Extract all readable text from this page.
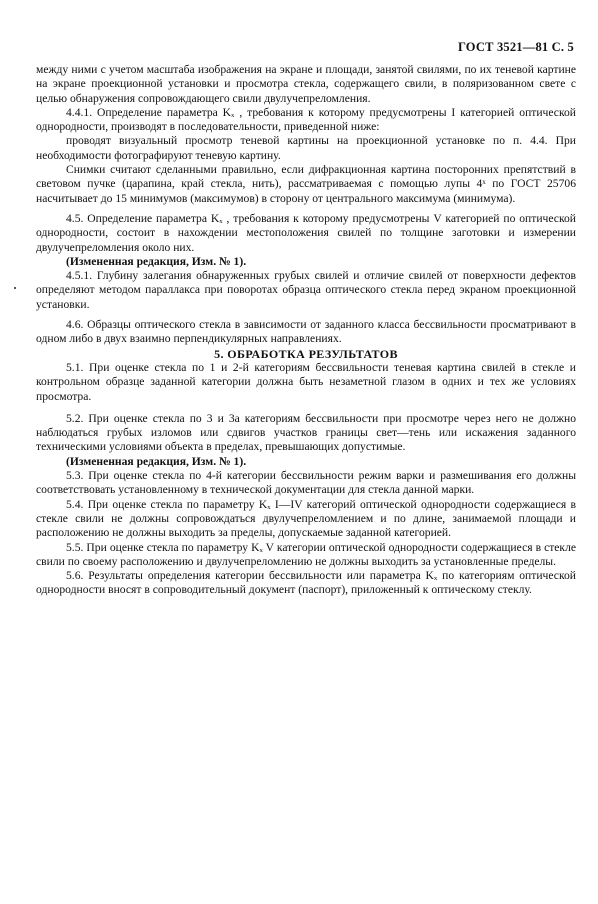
ГОСТ 3521—81 С. 5

между ними с учетом масштаба изображения на экране и площади, занятой свилями, по их теневой картине на экране проекционной установки и просмотра стекла, содержащего свили, в поляризованном свете с целью обнаружения сопровождающего свили двулучепреломления.

4.4.1. Определение параметра Kₓ , требования к которому предусмотрены I категорией оптической однородности, производят в последовательности, приведенной ниже:

проводят визуальный просмотр теневой картины на проекционной установке по п. 4.4. При необходимости фотографируют теневую картину.

Снимки считают сделанными правильно, если дифракционная картина посторонних препятствий в световом пучке (царапина, край стекла, нить), рассматриваемая с помощью лупы 4ˣ по ГОСТ 25706 насчитывает до 15 минимумов (максимумов) в сторону от центрального максимума (минимума).

4.5. Определение параметра Kₓ , требования к которому предусмотрены V категорией по оптической однородности, состоит в нахождении местоположения свилей по толщине заготовки и измерении двулучепреломления около них.

(Измененная редакция, Изм. № 1).

4.5.1. Глубину залегания обнаруженных грубых свилей и отличие свилей от поверхности дефектов определяют методом параллакса при поворотах образца оптического стекла перед экраном проекционной установки.

4.6. Образцы оптического стекла в зависимости от заданного класса бессвильности просматривают в одном либо в двух взаимно перпендикулярных направлениях.

5. ОБРАБОТКА РЕЗУЛЬТАТОВ

5.1. При оценке стекла по 1 и 2-й категориям бессвильности теневая картина свилей в стекле и контрольном образце заданной категории должна быть незаметной глазом в одних и тех же условиях просмотра.

5.2. При оценке стекла по 3 и 3а категориям бессвильности при просмотре через него не должно наблюдаться грубых изломов или сдвигов участков границы свет—тень или искажения заданного техническими условиями объекта в пределах, превышающих допустимые.

(Измененная редакция, Изм. № 1).

5.3. При оценке стекла по 4-й категории бессвильности режим варки и размешивания его должны соответствовать установленному в технической документации для стекла данной марки.

5.4. При оценке стекла по параметру Kₓ I—IV категорий оптической однородности содержащиеся в стекле свили не должны сопровождаться двулучепреломлением и по длине, занимаемой площади и расположению не должны выходить за пределы, допускаемые заданной категорией.

5.5. При оценке стекла по параметру Kₓ V категории оптической однородности содержащиеся в стекле свили по своему расположению и двулучепреломлению не должны выходить за установленные пределы.

5.6. Результаты определения категории бессвильности или параметра Kₓ по категориям оптической однородности вносят в сопроводительный документ (паспорт), приложенный к оптическому стеклу.
